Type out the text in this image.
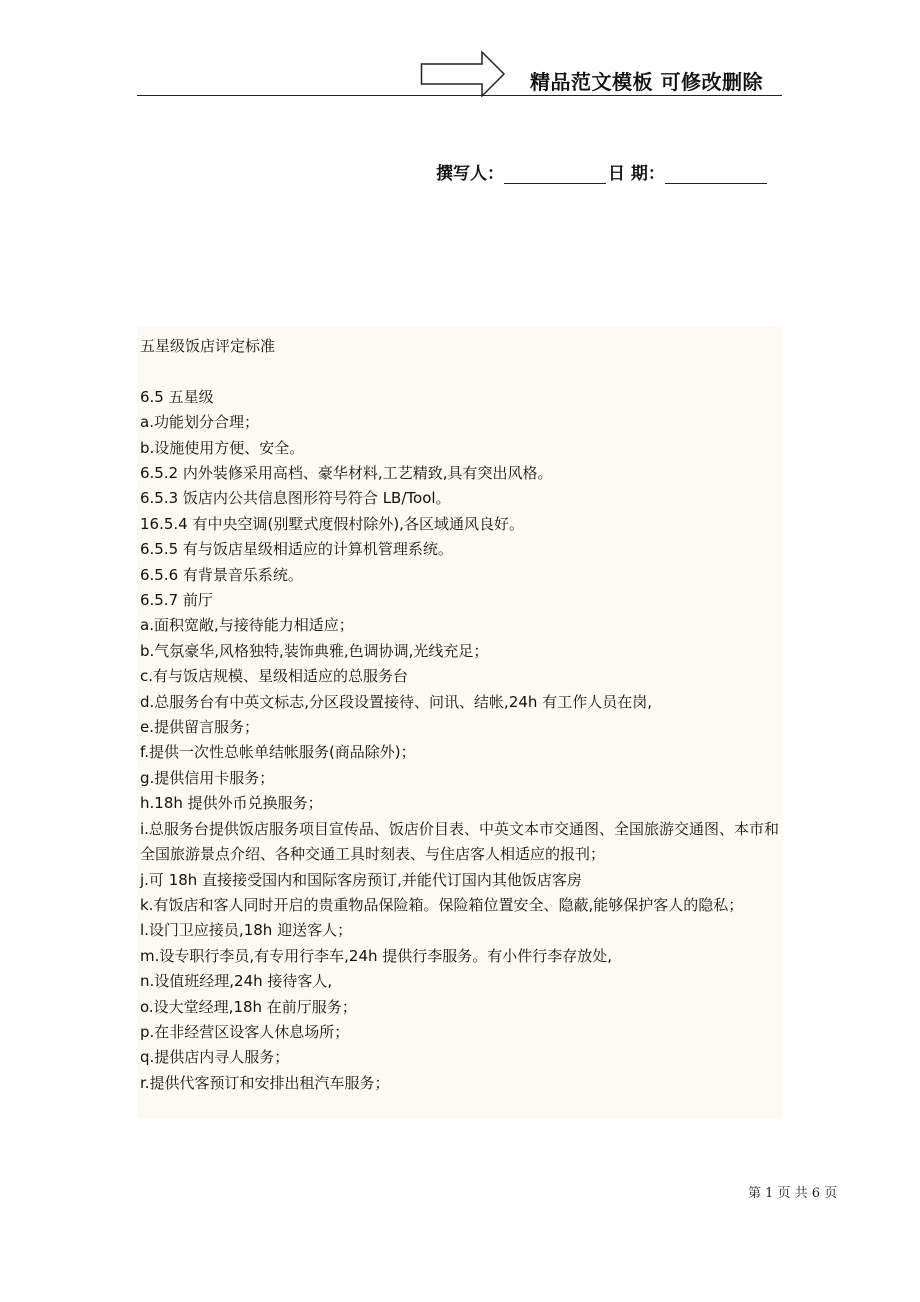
精品范文模板 可修改删除
撰写人：	日 期：
五星级饭店评定标准
6.5 五星级
a.功能划分合理；
b.设施使用方便、安全。
6.5.2 内外装修采用高档、豪华材料,工艺精致,具有突出风格。
6.5.3 饭店内公共信息图形符号符合 LB/Tool。
16.5.4 有中央空调(别墅式度假村除外),各区域通风良好。
6.5.5 有与饭店星级相适应的计算机管理系统。
6.5.6 有背景音乐系统。
6.5.7 前厅
a.面积宽敞,与接待能力相适应；
b.气氛豪华,风格独特,装饰典雅,色调协调,光线充足；
c.有与饭店规模、星级相适应的总服务台
d.总服务台有中英文标志,分区段设置接待、问讯、结帐,24h 有工作人员在岗,
e.提供留言服务；
f.提供一次性总帐单结帐服务(商品除外)；
g.提供信用卡服务；
h.18h 提供外币兑换服务；
i.总服务台提供饭店服务项目宣传品、饭店价目表、中英文本市交通图、全国旅游交通图、本市和全国旅游景点介绍、各种交通工具时刻表、与住店客人相适应的报刊；
j.可 18h 直接接受国内和国际客房预订,并能代订国内其他饭店客房
k.有饭店和客人同时开启的贵重物品保险箱。保险箱位置安全、隐蔽,能够保护客人的隐私；
l.设门卫应接员,18h 迎送客人；
m.设专职行李员,有专用行李车,24h 提供行李服务。有小件行李存放处,
n.设值班经理,24h 接待客人,
o.设大堂经理,18h 在前厅服务；
p.在非经营区设客人休息场所；
q.提供店内寻人服务；
r.提供代客预订和安排出租汽车服务；
第 1 页 共 6 页
